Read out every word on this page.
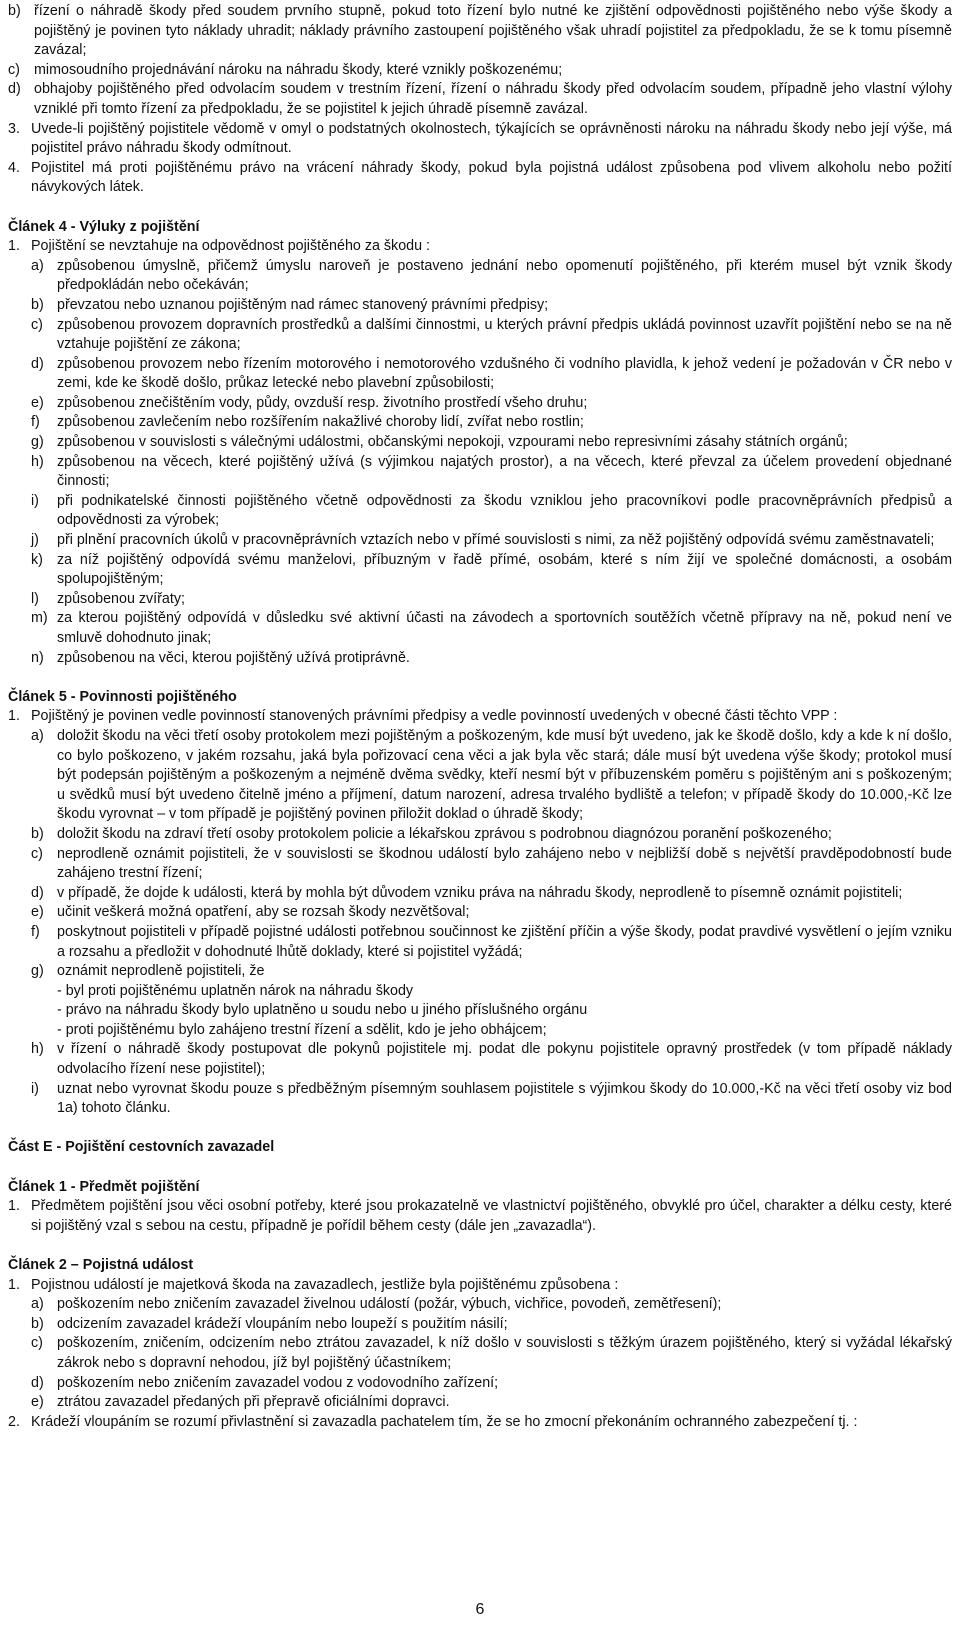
b) řízení o náhradě škody před soudem prvního stupně, pokud toto řízení bylo nutné ke zjištění odpovědnosti pojištěného nebo výše škody a pojištěný je povinen tyto náklady uhradit; náklady právního zastoupení pojištěného však uhradí pojistitel za předpokladu, že se k tomu písemně zavázal;
c) mimosoudního projednávání nároku na náhradu škody, které vznikly poškozenému;
d) obhajoby pojištěného před odvolacím soudem v trestním řízení, řízení o náhradu škody před odvolacím soudem, případně jeho vlastní výlohy vzniklé při tomto řízení za předpokladu, že se pojistitel k jejich úhradě písemně zavázal.
3. Uvede-li pojištěný pojistitele vědomě v omyl o podstatných okolnostech, týkajících se oprávněnosti nároku na náhradu škody nebo její výše, má pojistitel právo náhradu škody odmítnout.
4. Pojistitel má proti pojištěnému právo na vrácení náhrady škody, pokud byla pojistná událost způsobena pod vlivem alkoholu nebo požití návykových látek.
Článek 4 - Výluky z pojištění
1. Pojištění se nevztahuje na odpovědnost pojištěného za škodu :
a) způsobenou úmyslně, přičemž úmyslu naroveň je postaveno jednání nebo opomenutí pojištěného, při kterém musel být vznik škody předpokládán nebo očekáván;
b) převzatou nebo uznanou pojištěným nad rámec stanovený právními předpisy;
c) způsobenou provozem dopravních prostředků a dalšími činnostmi, u kterých právní předpis ukládá povinnost uzavřít pojištění nebo se na ně vztahuje pojištění ze zákona;
d) způsobenou provozem nebo řízením motorového i nemotorového vzdušného či vodního plavidla, k jehož vedení je požadován v ČR nebo v zemi, kde ke škodě došlo, průkaz letecké nebo plavební způsobilosti;
e) způsobenou znečištěním vody, půdy, ovzduší resp. životního prostředí všeho druhu;
f)	způsobenou zavlečením nebo rozšířením nakažlivé choroby lidí, zvířat nebo rostlin;
g) způsobenou v souvislosti s válečnými událostmi, občanskými nepokoji, vzpourami nebo represivními zásahy státních orgánů;
h) způsobenou na věcech, které pojištěný užívá (s výjimkou najatých prostor), a na věcech, které převzal za účelem provedení objednané činnosti;
i)	při podnikatelské činnosti pojištěného včetně odpovědnosti za škodu vzniklou jeho pracovníkovi podle pracovněprávních předpisů a odpovědnosti za výrobek;
j)	při plnění pracovních úkolů v pracovněprávních vztazích nebo v přímé souvislosti s nimi, za něž pojištěný odpovídá svému zaměstnavateli;
k) za níž pojištěný odpovídá svému manželovi, příbuzným v řadě přímé, osobám, které s ním žijí ve společné domácnosti, a osobám spolupojištěným;
l)	způsobenou zvířaty;
m) za kterou pojištěný odpovídá v důsledku své aktivní účasti na závodech a sportovních soutěžích včetně přípravy na ně, pokud není ve smluvě dohodnuto jinak;
n) způsobenou na věci, kterou pojištěný užívá protiprávně.
Článek 5 - Povinnosti pojištěného
1. Pojištěný je povinen vedle povinností stanovených právními předpisy a vedle povinností uvedených v obecné části těchto VPP :
a) doložit škodu na věci třetí osoby protokolem mezi pojištěným a poškozeným, kde musí být uvedeno, jak ke škodě došlo, kdy a kde k ní došlo, co bylo poškozeno, v jakém rozsahu, jaká byla pořizovací cena věci a jak byla věc stará; dále musí být uvedena výše škody; protokol musí být podepsán pojištěným a poškozeným a nejméně dvěma svědky, kteří nesmí být v příbuzenském poměru s pojištěným ani s poškozeným; u svědků musí být uvedeno čitelně jméno a příjmení, datum narození, adresa trvalého bydliště a telefon; v případě škody do 10.000,-Kč lze škodu vyrovnat – v tom případě je pojištěný povinen přiložit doklad o úhradě škody;
b) doložit škodu na zdraví třetí osoby protokolem policie a lékařskou zprávou s podrobnou diagnózou poranění poškozeného;
c) neprodleně oznámit pojistiteli, že v souvislosti se škodnou událostí bylo zahájeno nebo v nejbližší době s největší pravděpodobností bude zahájeno trestní řízení;
d) v případě, že dojde k události, která by mohla být důvodem vzniku práva na náhradu škody, neprodleně to písemně oznámit pojistiteli;
e) učinit veškerá možná opatření, aby se rozsah škody nezvětšoval;
f)	poskytnout pojistiteli v případě pojistné události potřebnou součinnost ke zjištění příčin a výše škody, podat pravdivé vysvětlení o jejím vzniku a rozsahu a předložit v dohodnuté lhůtě doklady, které si pojistitel vyžádá;
g) oznámit neprodleně pojistiteli, že
- byl proti pojištěnému uplatněn nárok na náhradu škody
- právo na náhradu škody bylo uplatněno u soudu nebo u jiného příslušného orgánu
- proti pojištěnému bylo zahájeno trestní řízení a sdělit, kdo je jeho obhájcem;
h) v řízení o náhradě škody postupovat dle pokynů pojistitele mj. podat dle pokynu pojistitele opravný prostředek (v tom případě náklady odvolacího řízení nese pojistitel);
i)	uznat nebo vyrovnat škodu pouze s předběžným písemným souhlasem pojistitele s výjimkou škody do 10.000,-Kč na věci třetí osoby viz bod 1a) tohoto článku.
Část E - Pojištění cestovních zavazadel
Článek 1 - Předmět pojištění
1. Předmětem pojištění jsou věci osobní potřeby, které jsou prokazatelně ve vlastnictví pojištěného, obvyklé pro účel, charakter a délku cesty, které si pojištěný vzal s sebou na cestu, případně je pořídil během cesty (dále jen „zavazadla“).
Článek 2 – Pojistná událost
1. Pojistnou událostí je majetková škoda na zavazadlech, jestliže byla pojištěnému způsobena :
a) poškozením nebo zničením zavazadel živelnou událostí (požár, výbuch, vichřice, povodeň, zemětřesení);
b) odcizením zavazadel krádeží vloupáním nebo loupeží s použitím násilí;
c) poškozením, zničením, odcizením nebo ztrátou zavazadel, k níž došlo v souvislosti s těžkým úrazem pojištěného, který si vyžádal lékařský zákrok nebo s dopravní nehodou, jíž byl pojištěný účastníkem;
d) poškozením nebo zničením zavazadel vodou z vodovodního zařízení;
e) ztrátou zavazadel předaných při přepravě oficiálními dopravci.
2. Krádeží vloupáním se rozumí přivlastnění si zavazadla pachatelem tím, že se ho zmocní překonáním ochranného zabezpečení tj. :
6
